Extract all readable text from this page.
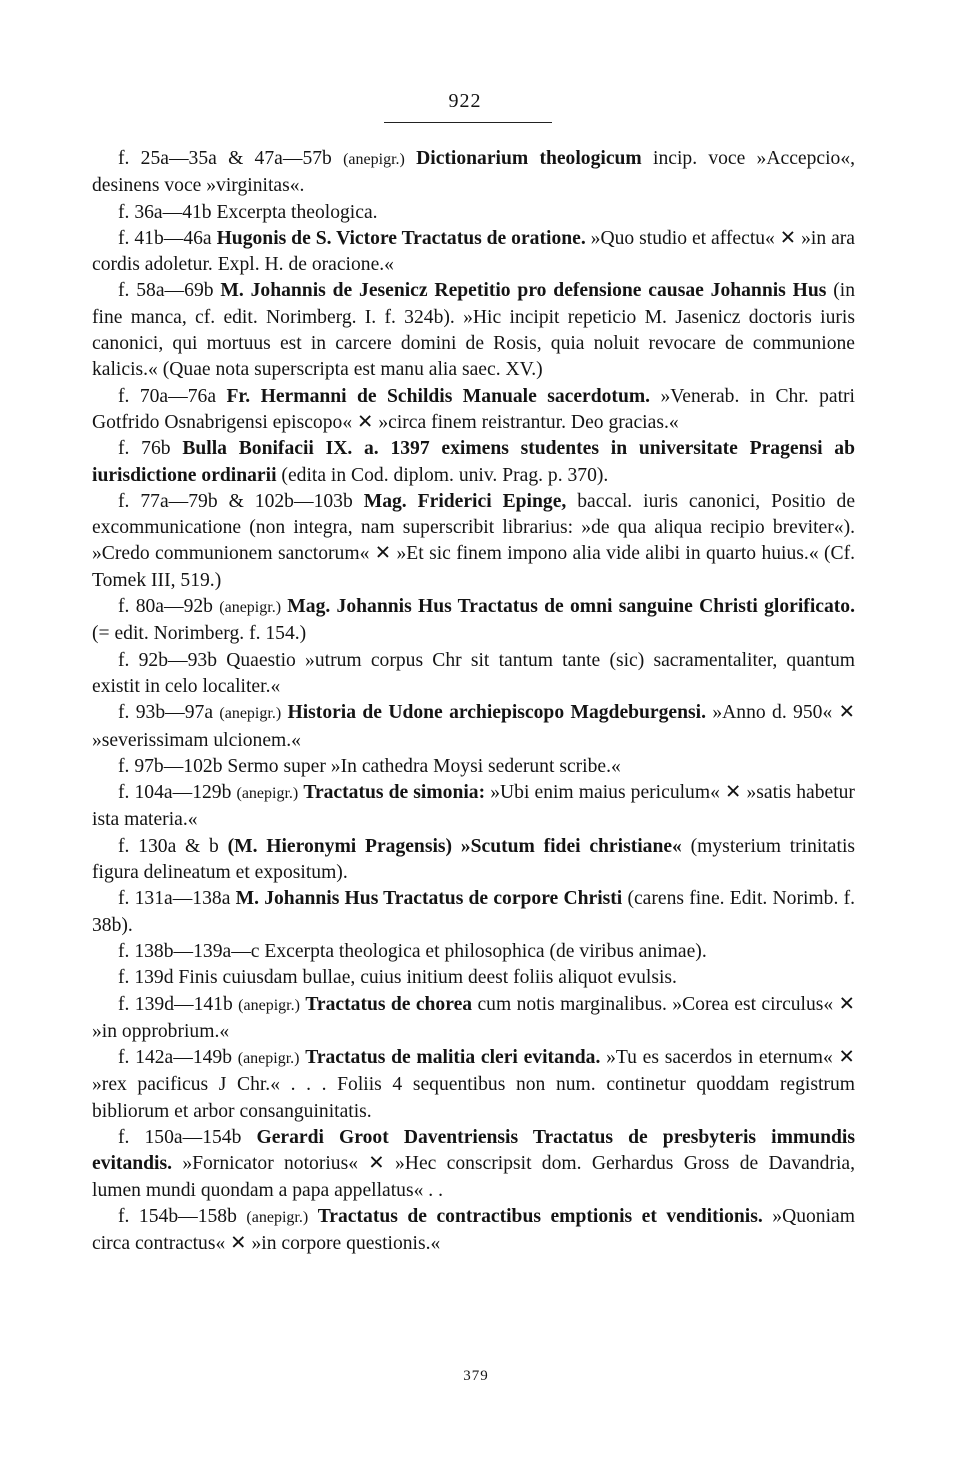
922

f. 25a—35a & 47a—57b (anepigr.) Dictionarium theologicum incip. voce »Accepcio«, desinens voce »virginitas«.

f. 36a—41b Excerpta theologica.

f. 41b—46a Hugonis de S. Victore Tractatus de oratione. »Quo studio et affectu« ✕ »in ara cordis adoletur. Expl. H. de oracione.«

f. 58a—69b M. Johannis de Jesenicz Repetitio pro defensione causae Johannis Hus (in fine manca, cf. edit. Norimberg. I. f. 324b). »Hic incipit repeticio M. Jasenicz doctoris iuris canonici, qui mortuus est in carcere domini de Rosis, quia noluit revocare de communione kalicis.« (Quae nota superscripta est manu alia saec. XV.)

f. 70a—76a Fr. Hermanni de Schildis Manuale sacerdotum. »Venerab. in Chr. patri Gotfrido Osnabrigensi episcopo« ✕ »circa finem reistrantur. Deo gracias.«

f. 76b Bulla Bonifacii IX. a. 1397 eximens studentes in universitate Pragensi ab iurisdictione ordinarii (edita in Cod. diplom. univ. Prag. p. 370).

f. 77a—79b & 102b—103b Mag. Friderici Epinge, baccal. iuris canonici, Positio de excommunicatione (non integra, nam superscribit librarius: »de qua aliqua recipio breviter«). »Credo communionem sanctorum« ✕ »Et sic finem impono alia vide alibi in quarto huius.« (Cf. Tomek III, 519.)

f. 80a—92b (anepigr.) Mag. Johannis Hus Tractatus de omni sanguine Christi glorificato. (= edit. Norimberg. f. 154.)

f. 92b—93b Quaestio »utrum corpus Chr sit tantum tante (sic) sacramentaliter, quantum existit in celo localiter.«

f. 93b—97a (anepigr.) Historia de Udone archiepiscopo Magdeburgensi. »Anno d. 950« ✕ »severissimam ulcionem.«

f. 97b—102b Sermo super »In cathedra Moysi sederunt scribe.«

f. 104a—129b (anepigr.) Tractatus de simonia: »Ubi enim maius periculum« ✕ »satis habetur ista materia.«

f. 130a & b (M. Hieronymi Pragensis) »Scutum fidei christiane« (mysterium trinitatis figura delineatum et expositum).

f. 131a—138a M. Johannis Hus Tractatus de corpore Christi (carens fine. Edit. Norimb. f. 38b).

f. 138b—139a—c Excerpta theologica et philosophica (de viribus animae).

f. 139d Finis cuiusdam bullae, cuius initium deest foliis aliquot evulsis.

f. 139d—141b (anepigr.) Tractatus de chorea cum notis marginalibus. »Corea est circulus« ✕ »in opprobrium.«

f. 142a—149b (anepigr.) Tractatus de malitia cleri evitanda. »Tu es sacerdos in eternum« ✕ »rex pacificus J Chr.« . . . Foliis 4 sequentibus non num. continetur quoddam registrum bibliorum et arbor consanguinitatis.

f. 150a—154b Gerardi Groot Daventriensis Tractatus de presbyteris immundis evitandis. »Fornicator notorius« ✕ »Hec conscripsit dom. Gerhardus Gross de Davandria, lumen mundi quondam a papa appellatus« . .

f. 154b—158b (anepigr.) Tractatus de contractibus emptionis et venditionis. »Quoniam circa contractus« ✕ »in corpore questionis.«

379
